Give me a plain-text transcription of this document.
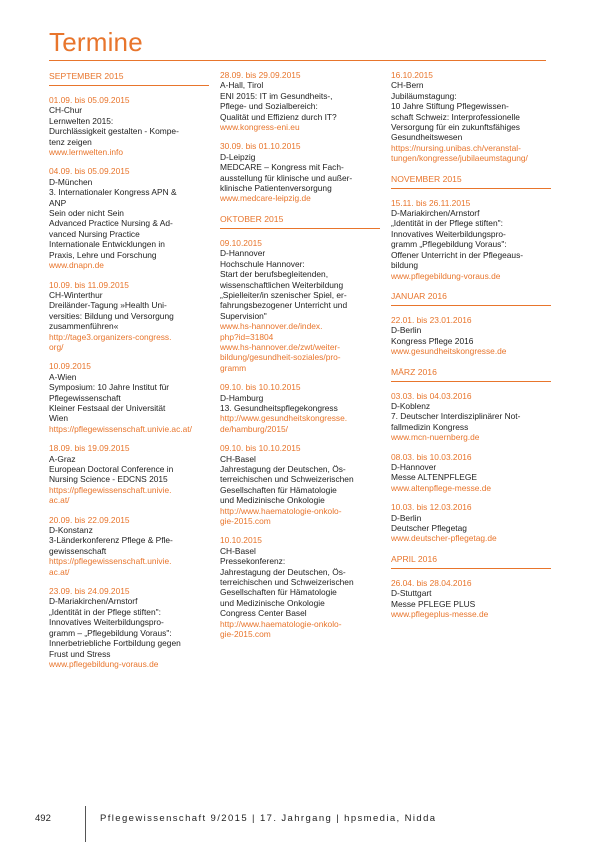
Termine
SEPTEMBER 2015
01.09. bis 05.09.2015
CH-Chur
Lernwelten 2015:
Durchlässigkeit gestalten - Kompe-
tenz zeigen
www.lernwelten.info
04.09. bis 05.09.2015
D-München
3. Internationaler Kongress APN &
ANP
Sein oder nicht Sein
Advanced Practice Nursing & Ad-
vanced Nursing Practice
Internationale Entwicklungen in
Praxis, Lehre und Forschung
www.dnapn.de
10.09. bis 11.09.2015
CH-Winterthur
Dreiländer-Tagung »Health Uni-
versities: Bildung und Versorgung
zusammenführen«
http://tage3.organizers-congress.
org/
10.09.2015
A-Wien
Symposium: 10 Jahre Institut für
Pflegewissenschaft
Kleiner Festsaal der Universität
Wien
https://pflegewissenschaft.univie.ac.at/
18.09. bis 19.09.2015
A-Graz
European Doctoral Conference in
Nursing Science - EDCNS 2015
https://pflegewissenschaft.univie.
ac.at/
20.09. bis 22.09.2015
D-Konstanz
3-Länderkonferenz Pflege & Pfle-
gewissenschaft
https://pflegewissenschaft.univie.
ac.at/
23.09. bis 24.09.2015
D-Mariakirchen/Arnstorf
„Identität in der Pflege stiften":
Innovatives Weiterbildungspro-
gramm – „Pflegebildung Voraus":
Innerbetriebliche Fortbildung gegen
Frust und Stress
www.pflegebildung-voraus.de
28.09. bis 29.09.2015
A-Hall, Tirol
ENI 2015: IT im Gesundheits-,
Pflege- und Sozialbereich:
Qualität und Effizienz durch IT?
www.kongress-eni.eu
30.09. bis 01.10.2015
D-Leipzig
MEDCARE – Kongress mit Fach-
ausstellung für klinische und außer-
klinische Patientenversorgung
www.medcare-leipzig.de
OKTOBER 2015
09.10.2015
D-Hannover
Hochschule Hannover:
Start der berufsbegleitenden,
wissenschaftlichen Weiterbildung
„Spielleiter/in szenischer Spiel, er-
fahrungsbezogener Unterricht und
Supervision"
www.hs-hannover.de/index.
php?id=31804
www.hs-hannover.de/zwt/weiter-
bildung/gesundheit-soziales/pro-
gramm
09.10. bis 10.10.2015
D-Hamburg
13. Gesundheitspflegekongress
http://www.gesundheitskongresse.
de/hamburg/2015/
09.10. bis 10.10.2015
CH-Basel
Jahrestagung der Deutschen, Ös-
terreichischen und Schweizerischen
Gesellschaften für Hämatologie
und Medizinische Onkologie
http://www.haematologie-onkolo-
gie-2015.com
10.10.2015
CH-Basel
Pressekonferenz:
Jahrestagung der Deutschen, Ös-
terreichischen und Schweizerischen
Gesellschaften für Hämatologie
und Medizinische Onkologie
Congress Center Basel
http://www.haematologie-onkolo-
gie-2015.com
16.10.2015
CH-Bern
Jubiläumstagung:
10 Jahre Stiftung Pflegewissen-
schaft Schweiz: Interprofessionelle
Versorgung für ein zukunftsfähiges
Gesundheitswesen
https://nursing.unibas.ch/veranstal-
tungen/kongresse/jubilaeumstagung/
NOVEMBER 2015
15.11. bis 26.11.2015
D-Mariakirchen/Arnstorf
„Identität in der Pflege stiften":
Innovatives Weiterbildungspro-
gramm „Pflegebildung Voraus":
Offener Unterricht in der Pflegeaus-
bildung
www.pflegebildung-voraus.de
JANUAR 2016
22.01. bis 23.01.2016
D-Berlin
Kongress Pflege 2016
www.gesundheitskongresse.de
MÄRZ 2016
03.03. bis 04.03.2016
D-Koblenz
7. Deutscher Interdisziplinärer Not-
fallmedizin Kongress
www.mcn-nuernberg.de
08.03. bis 10.03.2016
D-Hannover
Messe ALTENPFLEGE
www.altenpflege-messe.de
10.03. bis 12.03.2016
D-Berlin
Deutscher Pflegetag
www.deutscher-pflegetag.de
APRIL 2016
26.04. bis 28.04.2016
D-Stuttgart
Messe PFLEGE PLUS
www.pflegeplus-messe.de
492	Pflegewissenschaft 9/2015 | 17. Jahrgang | hpsmedia, Nidda
